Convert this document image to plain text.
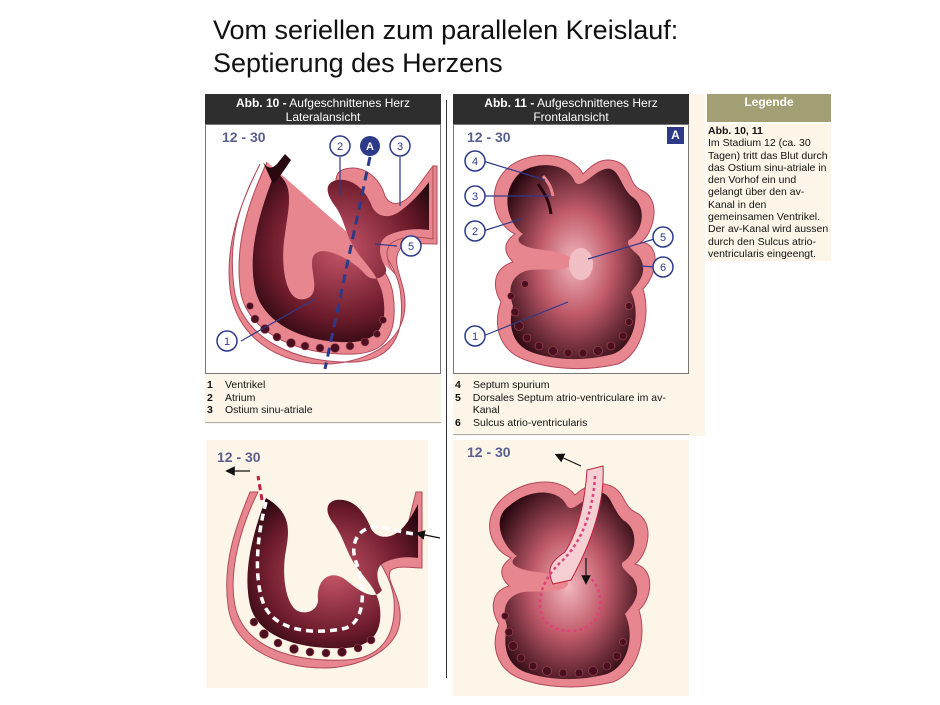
Vom seriellen zum parallelen Kreislauf:
Septierung des Herzens
Abb. 10 - Aufgeschnittenes Herz
Lateralansicht
12 - 30
1
2	3
5
A
1	Ventrikel
2	Atrium
3	Ostium sinu-atriale
Abb. 11 - Aufgeschnittenes Herz
Frontalansicht
12 - 30	A
1
2
3
4
5
6
4	Septum spurium
5	Dorsales Septum atrio-ventriculare im av-Kanal
6	Sulcus atrio-ventricularis
Legende
Abb. 10, 11
Im Stadium 12 (ca. 30 Tagen) tritt das Blut durch das Ostium sinu-atriale in den Vorhof ein und gelangt über den av-Kanal in den gemeinsamen Ventrikel. Der av-Kanal wird aussen durch den Sulcus atrio-ventricularis eingeengt.
12 - 30	12 - 30
